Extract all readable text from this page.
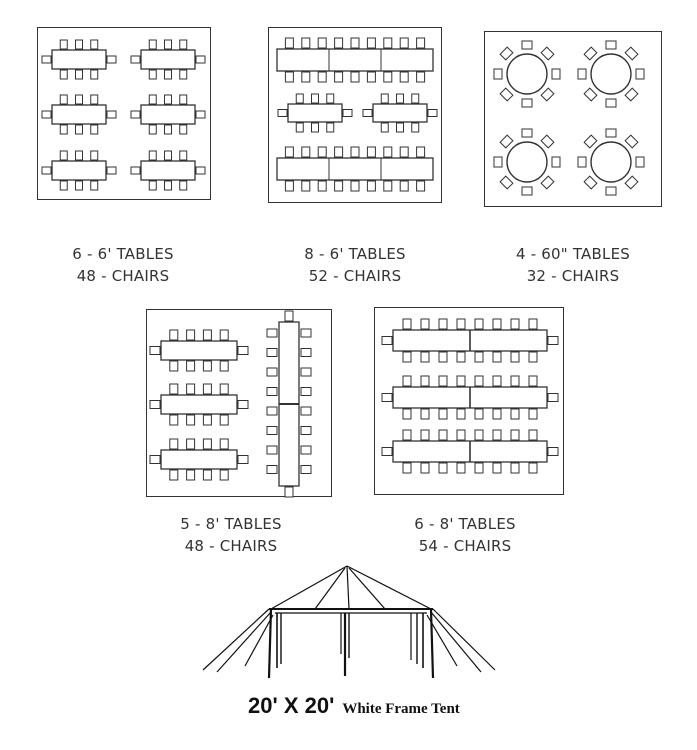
6 - 6' TABLES
48 - CHAIRS
8 - 6' TABLES
52 - CHAIRS
4 - 60" TABLES
32 - CHAIRS
5 - 8' TABLES
48 - CHAIRS
6 - 8' TABLES
54 - CHAIRS
20' X 20' White Frame Tent
